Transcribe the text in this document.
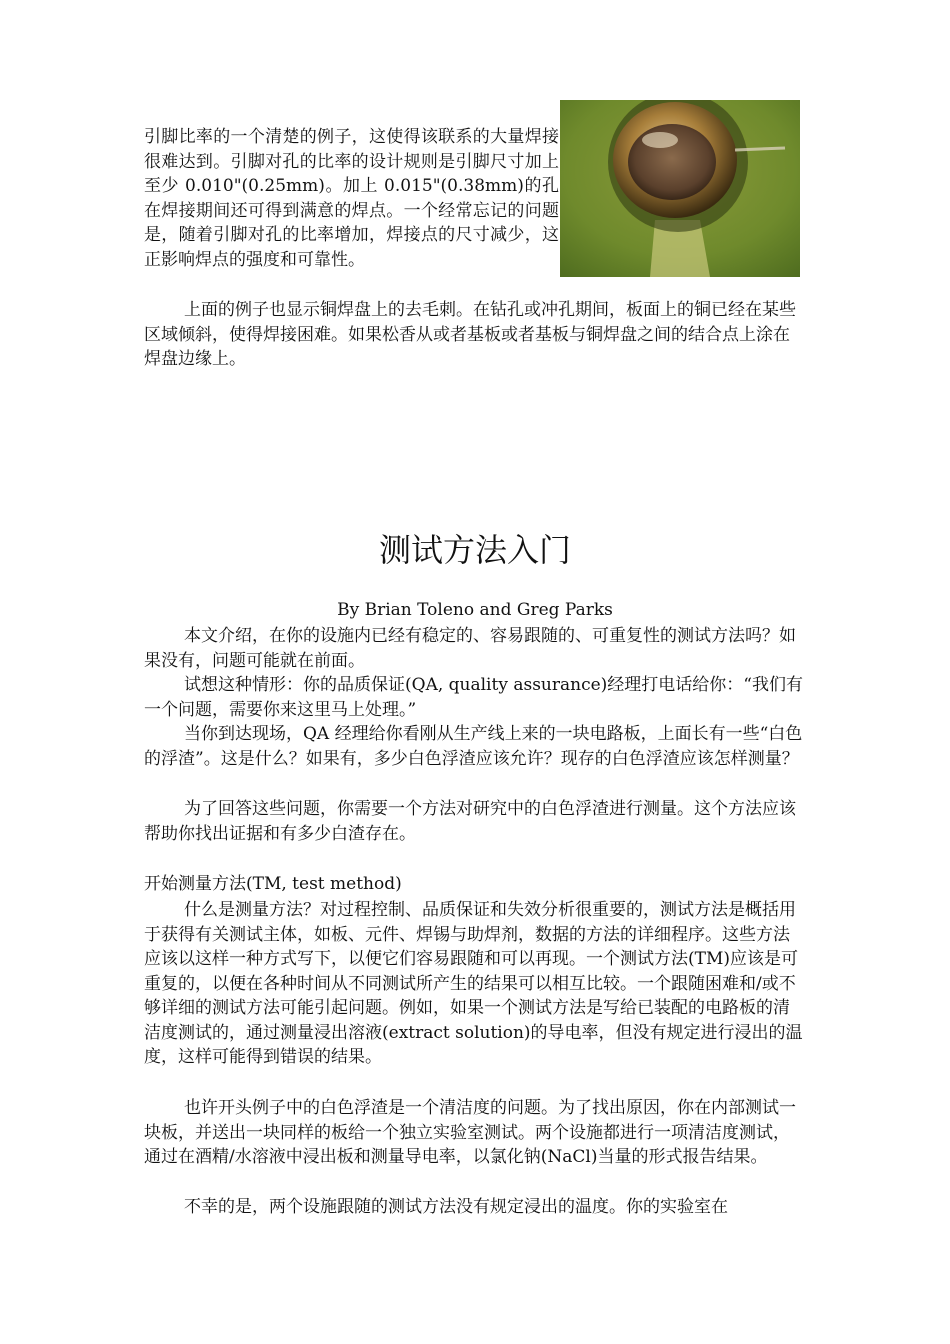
引脚比率的一个清楚的例子，这使得该联系的大量焊接很难达到。引脚对孔的比率的设计规则是引脚尺寸加上至少 0.010"(0.25mm)。加上 0.015"(0.38mm)的孔在焊接期间还可得到满意的焊点。一个经常忘记的问题是，随着引脚对孔的比率增加，焊接点的尺寸减少，这正影响焊点的强度和可靠性。

上面的例子也显示铜焊盘上的去毛刺。在钻孔或冲孔期间，板面上的铜已经在某些区域倾斜，使得焊接困难。如果松香从或者基板或者基板与铜焊盘之间的结合点上涂在焊盘边缘上。

测试方法入门

By Brian Toleno and Greg Parks

本文介绍，在你的设施内已经有稳定的、容易跟随的、可重复性的测试方法吗？如果没有，问题可能就在前面。

试想这种情形：你的品质保证(QA, quality assurance)经理打电话给你：“我们有一个问题，需要你来这里马上处理。”

当你到达现场，QA 经理给你看刚从生产线上来的一块电路板，上面长有一些“白色的浮渣”。这是什么？如果有，多少白色浮渣应该允许？现存的白色浮渣应该怎样测量？

为了回答这些问题，你需要一个方法对研究中的白色浮渣进行测量。这个方法应该帮助你找出证据和有多少白渣存在。

开始测量方法(TM, test method)

什么是测量方法？对过程控制、品质保证和失效分析很重要的，测试方法是概括用于获得有关测试主体，如板、元件、焊锡与助焊剂，数据的方法的详细程序。这些方法应该以这样一种方式写下，以便它们容易跟随和可以再现。一个测试方法(TM)应该是可重复的，以便在各种时间从不同测试所产生的结果可以相互比较。一个跟随困难和/或不够详细的测试方法可能引起问题。例如，如果一个测试方法是写给已装配的电路板的清洁度测试的，通过测量浸出溶液(extract solution)的导电率，但没有规定进行浸出的温度，这样可能得到错误的结果。

也许开头例子中的白色浮渣是一个清洁度的问题。为了找出原因，你在内部测试一块板，并送出一块同样的板给一个独立实验室测试。两个设施都进行一项清洁度测试，通过在酒精/水溶液中浸出板和测量导电率，以氯化钠(NaCl)当量的形式报告结果。

不幸的是，两个设施跟随的测试方法没有规定浸出的温度。你的实验室在
